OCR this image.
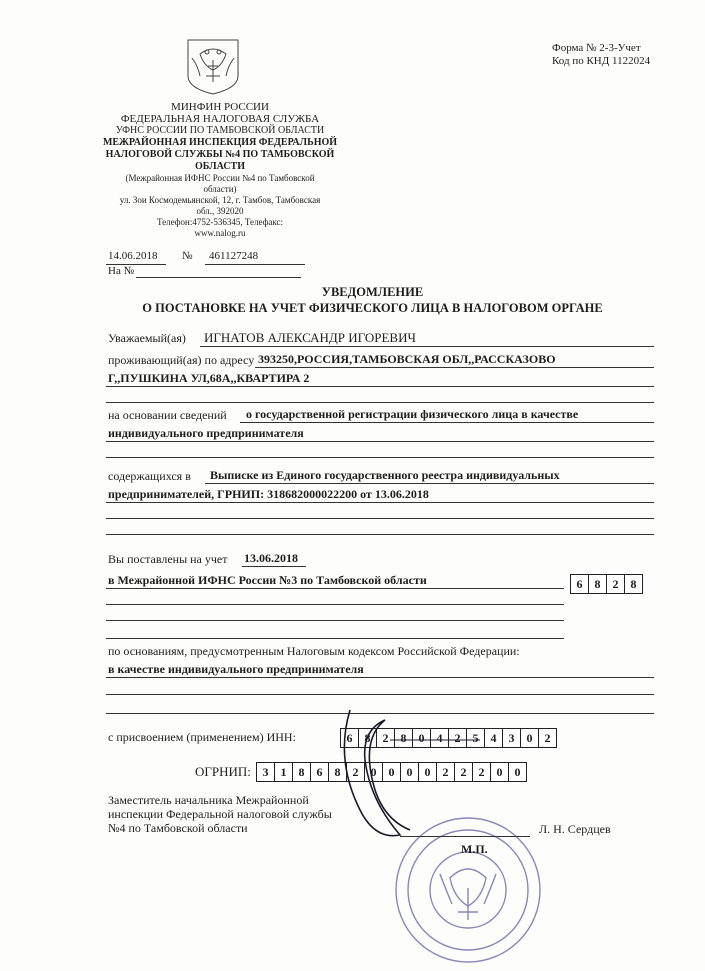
Форма № 2-3-Учет
Код по КНД 1122024
МИНФИН РОССИИ
ФЕДЕРАЛЬНАЯ НАЛОГОВАЯ СЛУЖБА
УФНС РОССИИ ПО ТАМБОВСКОЙ ОБЛАСТИ
МЕЖРАЙОННАЯ ИНСПЕКЦИЯ ФЕДЕРАЛЬНОЙ
НАЛОГОВОЙ СЛУЖБЫ №4 ПО ТАМБОВСКОЙ
ОБЛАСТИ
(Межрайонная ИФНС России №4 по Тамбовской
области)
ул. Зои Космодемьянской, 12, г. Тамбов, Тамбовская
обл., 392020
Телефон:4752-536345, Телефакс:
www.nalog.ru
14.06.2018 № 461127248
На №
УВЕДОМЛЕНИЕ
О ПОСТАНОВКЕ НА УЧЕТ ФИЗИЧЕСКОГО ЛИЦА В НАЛОГОВОМ ОРГАНЕ
Уважаемый(ая) ИГНАТОВ АЛЕКСАНДР ИГОРЕВИЧ
проживающий(ая) по адресу 393250,РОССИЯ,ТАМБОВСКАЯ ОБЛ,,РАССКАЗОВО
Г,,ПУШКИНА УЛ,68А,,КВАРТИРА 2
на основании сведений о государственной регистрации физического лица в качестве
индивидуального предпринимателя
содержащихся в Выписке из Единого государственного реестра индивидуальных
предпринимателей, ГРНИП: 318682000022200 от 13.06.2018
Вы поставлены на учет 13.06.2018
в Межрайонной ИФНС России №3 по Тамбовской области	6	8	2	8
по основаниям, предусмотренным Налоговым кодексом Российской Федерации:
в качестве индивидуального предпринимателя
с присвоением (применением) ИНН:	6	8	2	8	0	4	2	5	4	3	0	2
ОГРНИП: 3	1	8	6	8	2	0	0	0	0	2	2	2	0	0
Заместитель начальника Межрайонной
инспекции Федеральной налоговой службы
№4 по Тамбовской области	Л. Н. Сердцев
М.П.
